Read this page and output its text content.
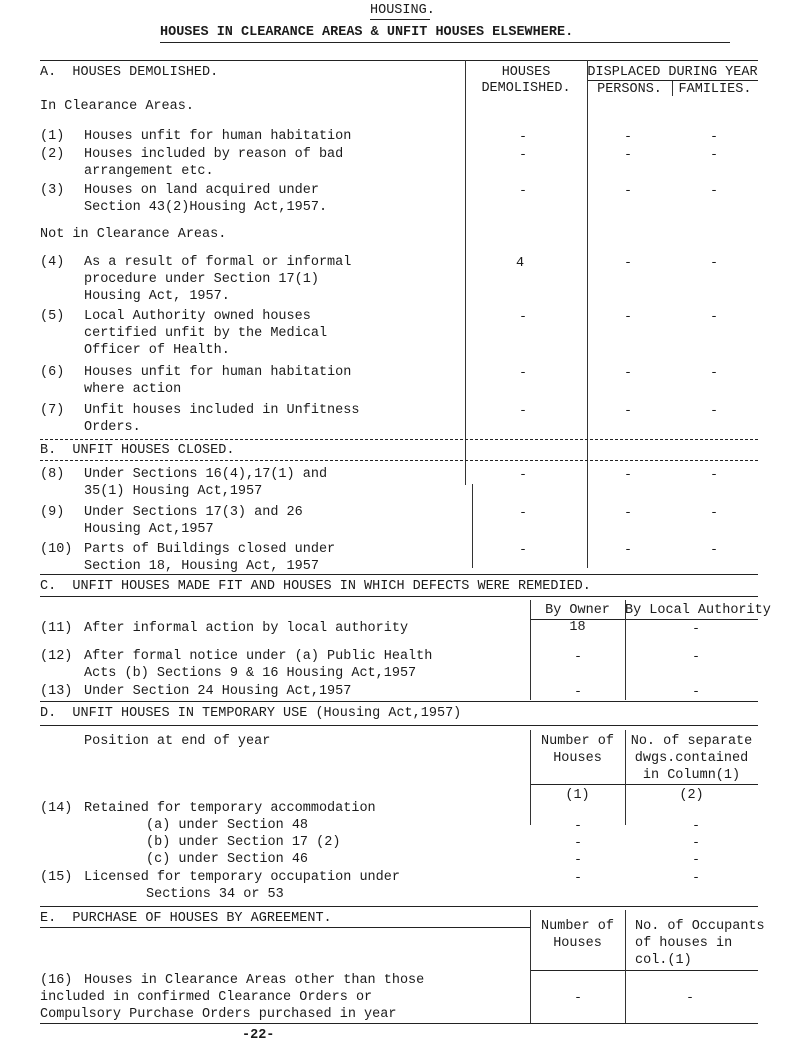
HOUSING.
HOUSES IN CLEARANCE AREAS & UNFIT HOUSES ELSEWHERE.
A.  HOUSES DEMOLISHED.	HOUSES
DEMOLISHED.
DISPLACED DURING YEAR
PERSONS.	FAMILIES.
In Clearance Areas.
(1) Houses unfit for human habitation	-	-	-
(2) Houses included by reason of bad
arrangement etc.
-	-	-
(3) Houses on land acquired under
Section 43(2)Housing Act,1957.
-	-	-
Not in Clearance Areas.
(4) As a result of formal or informal
procedure under Section 17(1)
Housing Act, 1957.
4	-	-
(5) Local Authority owned houses
certified unfit by the Medical
Officer of Health.
-	-	-
(6) Houses unfit for human habitation
where action
-	-	-
(7) Unfit houses included in Unfitness
Orders.
-	-	-
B.  UNFIT HOUSES CLOSED.
(8) Under Sections 16(4),17(1) and
35(1) Housing Act,1957
-	-	-
(9) Under Sections 17(3) and 26
Housing Act,1957
-	-	-
(10) Parts of Buildings closed under
Section 18, Housing Act, 1957
-	-	-
C.  UNFIT HOUSES MADE FIT AND HOUSES IN WHICH DEFECTS WERE REMEDIED.
By Owner	By Local Authority
(11) After informal action by local authority	18	-
(12) After formal notice under (a) Public Health
Acts (b) Sections 9 & 16 Housing Act,1957
-	-
(13) Under Section 24 Housing Act,1957	-	-
D.  UNFIT HOUSES IN TEMPORARY USE (Housing Act,1957)
Position at end of year	Number of
Houses
No. of separate
dwgs.contained
in Column(1)
(1)	(2)
(14) Retained for temporary accommodation
(a) under Section 48	-	-
(b) under Section 17 (2)	-	-
(c) under Section 46	-	-
(15) Licensed for temporary occupation under	-	-
Sections 34 or 53
E.  PURCHASE OF HOUSES BY AGREEMENT.
Number of
Houses
No. of Occupants
of houses in
col.(1)
(16) Houses in Clearance Areas other than those
included in confirmed Clearance Orders or
Compulsory Purchase Orders purchased in year
-	-
-22-
